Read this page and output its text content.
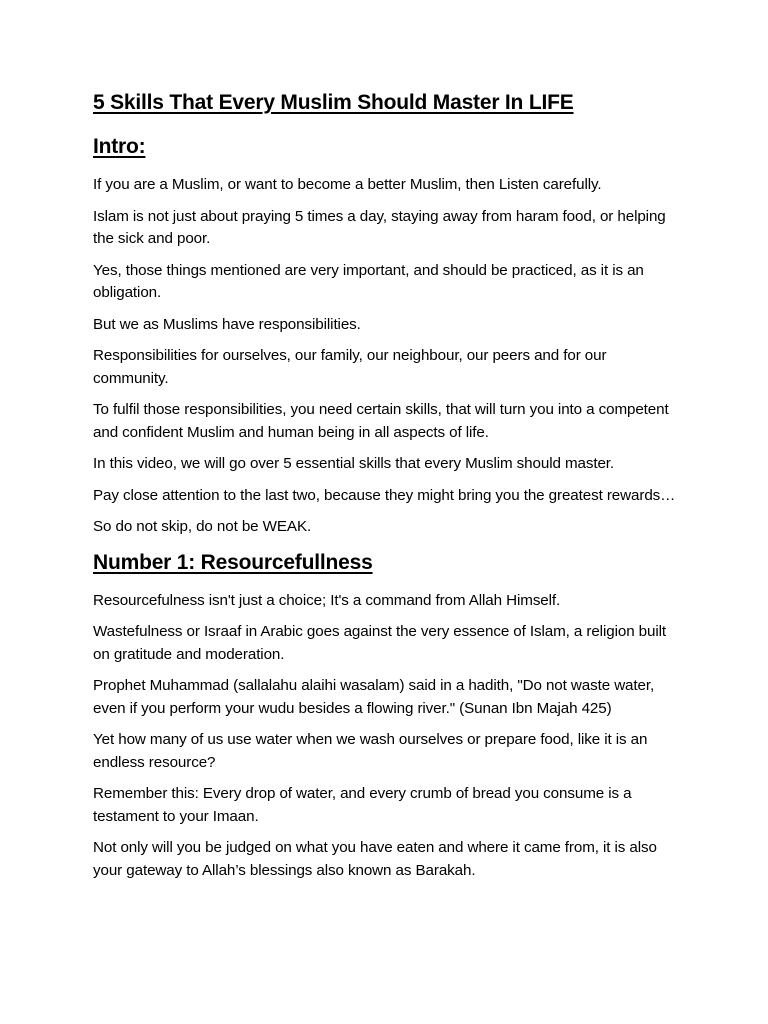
5 Skills That Every Muslim Should Master In LIFE
Intro:

If you are a Muslim, or want to become a better Muslim, then Listen carefully.

Islam is not just about praying 5 times a day, staying away from haram food, or helping the sick and poor.

Yes, those things mentioned are very important, and should be practiced, as it is an obligation.

But we as Muslims have responsibilities.

Responsibilities for ourselves, our family, our neighbour, our peers and for our community.

To fulfil those responsibilities, you need certain skills, that will turn you into a competent and confident Muslim and human being in all aspects of life.

In this video, we will go over 5 essential skills that every Muslim should master.

Pay close attention to the last two, because they might bring you the greatest rewards…

So do not skip, do not be WEAK.

Number 1: Resourcefullness

Resourcefulness isn't just a choice; It's a command from Allah Himself.

Wastefulness or Israaf in Arabic goes against the very essence of Islam, a religion built on gratitude and moderation.

Prophet Muhammad (sallalahu alaihi wasalam) said in a hadith, "Do not waste water, even if you perform your wudu besides a flowing river." (Sunan Ibn Majah 425)

Yet how many of us use water when we wash ourselves or prepare food, like it is an endless resource?

Remember this: Every drop of water, and every crumb of bread you consume is a testament to your Imaan.

Not only will you be judged on what you have eaten and where it came from, it is also your gateway to Allah’s blessings also known as Barakah.
